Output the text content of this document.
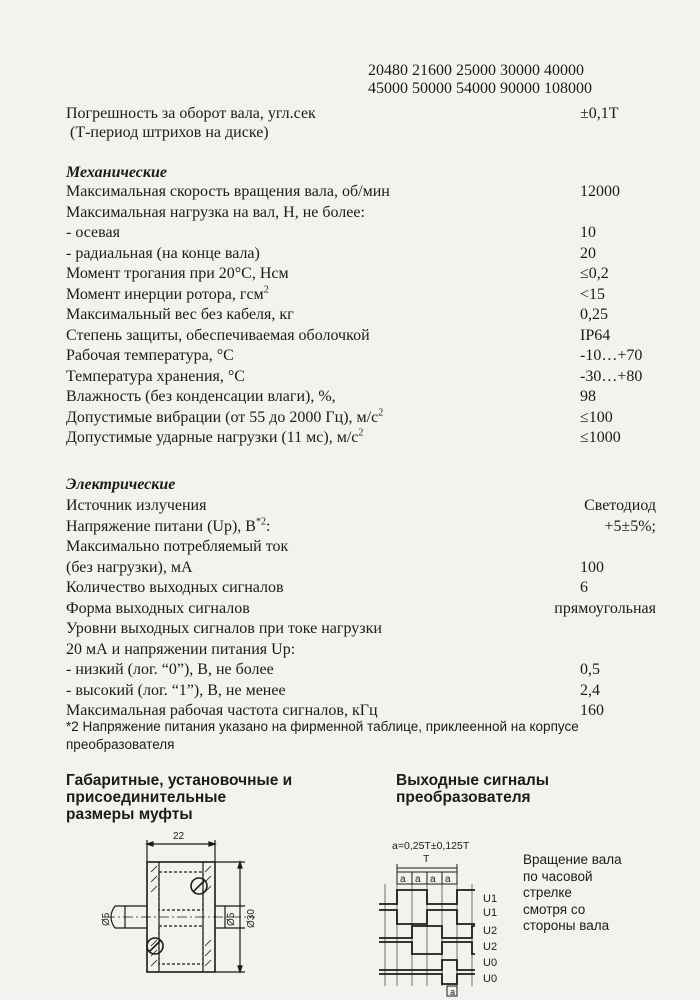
20480 21600 25000 30000 40000
45000 50000 54000 90000 108000
Погрешность за оборот вала, угл.сек	±0,1Т
(Т-период штрихов на диске)
Механические
Максимальная скорость вращения вала, об/мин	12000
Максимальная нагрузка на вал, Н, не более:
- осевая	10
- радиальная (на конце вала)	20
Момент трогания при 20°С, Нсм	≤0,2
Момент инерции ротора, гсм$^2$	<15
Максимальный вес без кабеля, кг	0,25
Степень защиты, обеспечиваемая оболочкой	IP64
Рабочая температура, °С	-10…+70
Температура хранения, °С	-30…+80
Влажность (без конденсации влаги), %,	98
Допустимые вибрации (от 55 до 2000 Гц), $м/с^2$	≤100
Допустимые ударные нагрузки (11 мс), $м/с^2$	≤1000
Электрические
Источник излучения	Светодиод
Напряжение питани (Up), $В^{*2}$:	+5±5%;
Максимально потребляемый ток
(без нагрузки), мА	100
Количество выходных сигналов	6
Форма выходных сигналов	прямоугольная
Уровни выходных сигналов при токе нагрузки
20 мА и напряжении питания Up:
- низкий (лог. “0”), В, не более	0,5
- высокий (лог. “1”), В, не менее	2,4
Максимальная рабочая частота сигналов, кГц	160
*2 Напряжение питания указано на фирменной таблице, приклеенной на корпусе преобразователя
Габаритные, установочные и
присоединительные
размеры муфты
Выходные сигналы
преобразователя
22
Ø5	Ø5 Ø30
a=0,25T±0,125T
T
a a a a
U1
U1
U2
U2
U0
U0
a
Вращение вала
по часовой
стрелке
смотря со
стороны вала
